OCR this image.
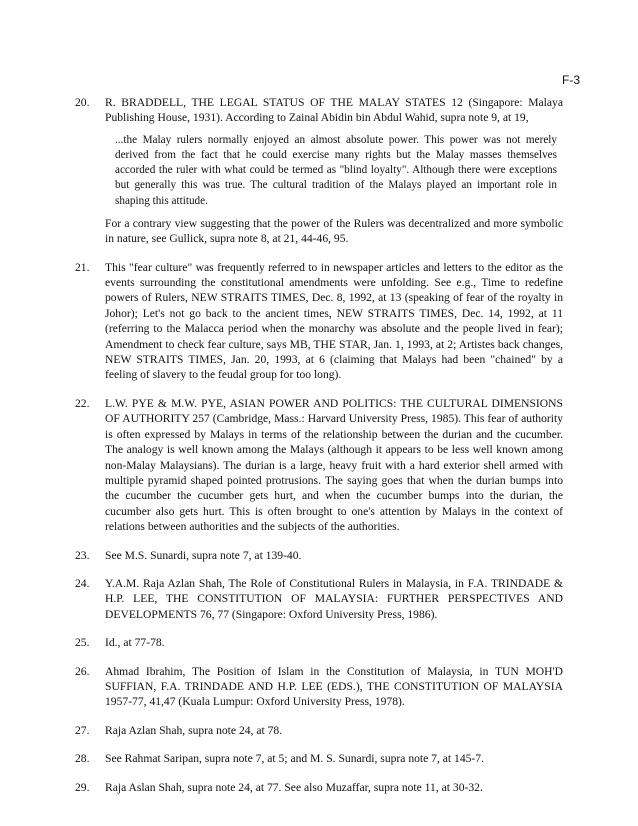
F-3
20. R. BRADDELL, THE LEGAL STATUS OF THE MALAY STATES 12 (Singapore: Malaya Publishing House, 1931). According to Zainal Abidin bin Abdul Wahid, supra note 9, at 19,
...the Malay rulers normally enjoyed an almost absolute power. This power was not merely derived from the fact that he could exercise many rights but the Malay masses themselves accorded the ruler with what could be termed as "blind loyalty". Although there were exceptions but generally this was true. The cultural tradition of the Malays played an important role in shaping this attitude.
For a contrary view suggesting that the power of the Rulers was decentralized and more symbolic in nature, see Gullick, supra note 8, at 21, 44-46, 95.
21. This "fear culture" was frequently referred to in newspaper articles and letters to the editor as the events surrounding the constitutional amendments were unfolding. See e.g., Time to redefine powers of Rulers, NEW STRAITS TIMES, Dec. 8, 1992, at 13 (speaking of fear of the royalty in Johor); Let's not go back to the ancient times, NEW STRAITS TIMES, Dec. 14, 1992, at 11 (referring to the Malacca period when the monarchy was absolute and the people lived in fear); Amendment to check fear culture, says MB, THE STAR, Jan. 1, 1993, at 2; Artistes back changes, NEW STRAITS TIMES, Jan. 20, 1993, at 6 (claiming that Malays had been "chained" by a feeling of slavery to the feudal group for too long).
22. L.W. PYE & M.W. PYE, ASIAN POWER AND POLITICS: THE CULTURAL DIMENSIONS OF AUTHORITY 257 (Cambridge, Mass.: Harvard University Press, 1985). This fear of authority is often expressed by Malays in terms of the relationship between the durian and the cucumber. The analogy is well known among the Malays (although it appears to be less well known among non-Malay Malaysians). The durian is a large, heavy fruit with a hard exterior shell armed with multiple pyramid shaped pointed protrusions. The saying goes that when the durian bumps into the cucumber the cucumber gets hurt, and when the cucumber bumps into the durian, the cucumber also gets hurt. This is often brought to one's attention by Malays in the context of relations between authorities and the subjects of the authorities.
23. See M.S. Sunardi, supra note 7, at 139-40.
24. Y.A.M. Raja Azlan Shah, The Role of Constitutional Rulers in Malaysia, in F.A. TRINDADE & H.P. LEE, THE CONSTITUTION OF MALAYSIA: FURTHER PERSPECTIVES AND DEVELOPMENTS 76, 77 (Singapore: Oxford University Press, 1986).
25. Id., at 77-78.
26. Ahmad Ibrahim, The Position of Islam in the Constitution of Malaysia, in TUN MOH'D SUFFIAN, F.A. TRINDADE AND H.P. LEE (EDS.), THE CONSTITUTION OF MALAYSIA 1957-77, 41,47 (Kuala Lumpur: Oxford University Press, 1978).
27. Raja Azlan Shah, supra note 24, at 78.
28. See Rahmat Saripan, supra note 7, at 5; and M. S. Sunardi, supra note 7, at 145-7.
29. Raja Aslan Shah, supra note 24, at 77. See also Muzaffar, supra note 11, at 30-32.
